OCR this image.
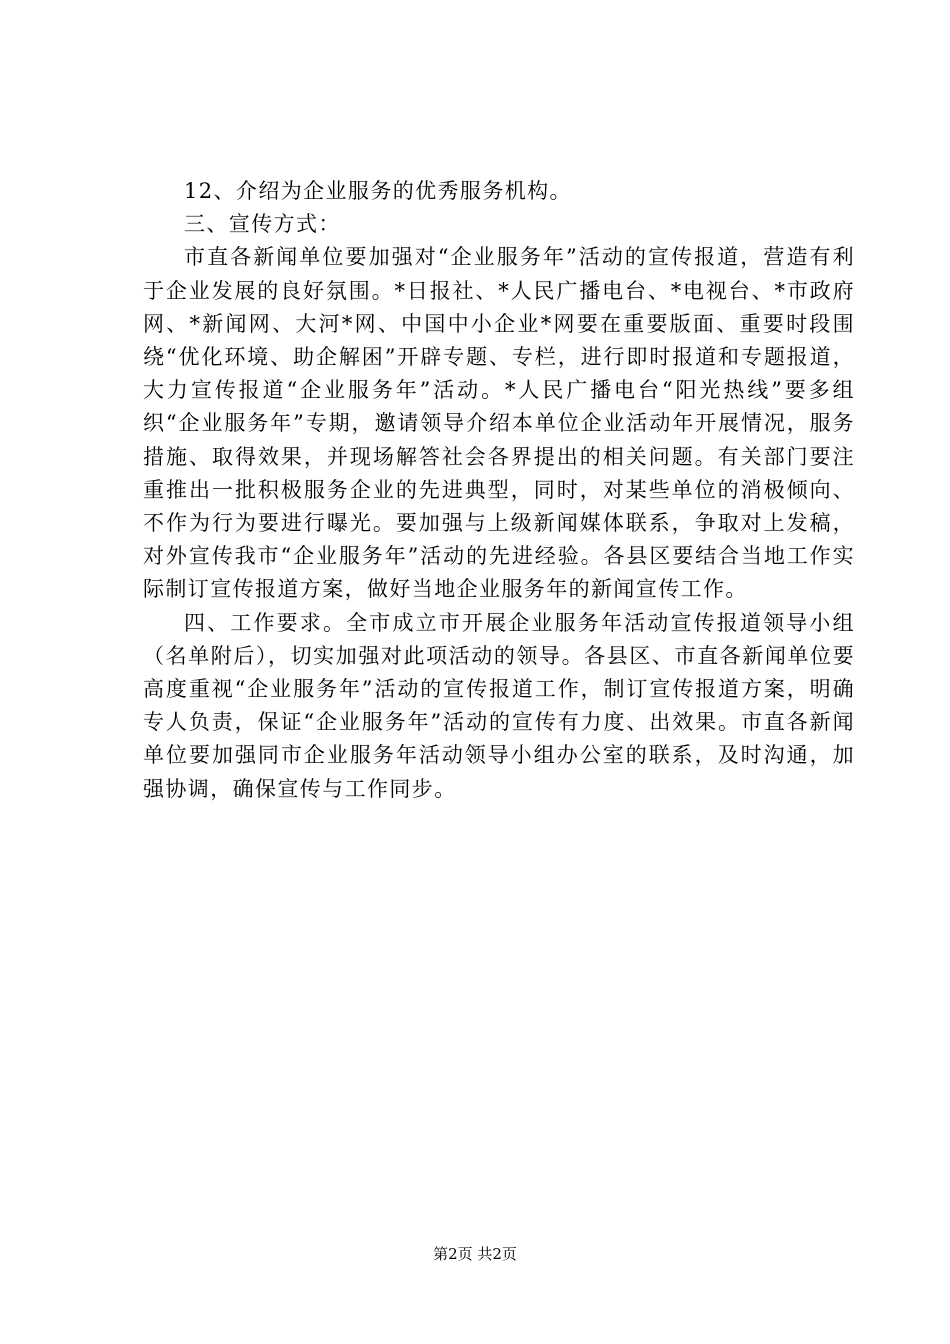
12、介绍为企业服务的优秀服务机构。

三、宣传方式：

市直各新闻单位要加强对“企业服务年”活动的宣传报道，营造有利于企业发展的良好氛围。*日报社、*人民广播电台、*电视台、*市政府网、*新闻网、大河*网、中国中小企业*网要在重要版面、重要时段围绕“优化环境、助企解困”开辟专题、专栏，进行即时报道和专题报道，大力宣传报道“企业服务年”活动。*人民广播电台“阳光热线”要多组织“企业服务年”专期，邀请领导介绍本单位企业活动年开展情况，服务措施、取得效果，并现场解答社会各界提出的相关问题。有关部门要注重推出一批积极服务企业的先进典型，同时，对某些单位的消极倾向、不作为行为要进行曝光。要加强与上级新闻媒体联系，争取对上发稿，对外宣传我市“企业服务年”活动的先进经验。各县区要结合当地工作实际制订宣传报道方案，做好当地企业服务年的新闻宣传工作。

四、工作要求。全市成立市开展企业服务年活动宣传报道领导小组（名单附后），切实加强对此项活动的领导。各县区、市直各新闻单位要高度重视“企业服务年”活动的宣传报道工作，制订宣传报道方案，明确专人负责，保证“企业服务年”活动的宣传有力度、出效果。市直各新闻单位要加强同市企业服务年活动领导小组办公室的联系，及时沟通，加强协调，确保宣传与工作同步。

第2页 共2页
